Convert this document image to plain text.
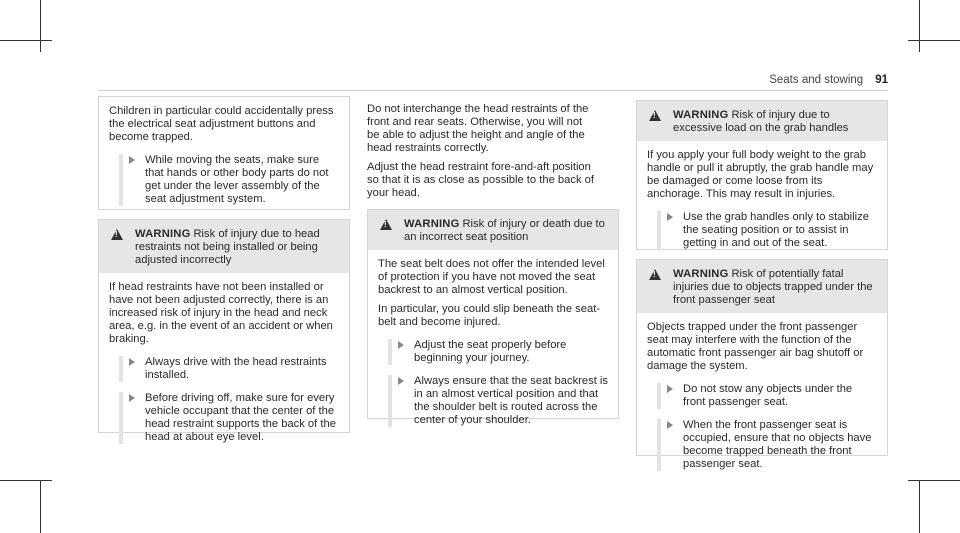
Seats and stowing 91

Children in particular could accidentally press the electrical seat adjustment buttons and become trapped.

While moving the seats, make sure that hands or other body parts do not get under the lever assembly of the seat adjustment system.
!
WARNING Risk of injury due to head restraints not being installed or being adjusted incorrectly

If head restraints have not been installed or have not been adjusted correctly, there is an increased risk of injury in the head and neck area, e.g. in the event of an accident or when braking.

Always drive with the head restraints installed.
Before driving off, make sure for every vehicle occupant that the center of the head restraint supports the back of the head at about eye level.

Do not interchange the head restraints of the front and rear seats. Otherwise, you will not be able to adjust the height and angle of the head restraints correctly.

Adjust the head restraint fore-and-aft position so that it is as close as possible to the back of your head.

!
WARNING Risk of injury or death due to an incorrect seat position

The seat belt does not offer the intended level of protection if you have not moved the seat backrest to an almost vertical position.

In particular, you could slip beneath the seat-belt and become injured.

Adjust the seat properly before beginning your journey.
Always ensure that the seat backrest is in an almost vertical position and that the shoulder belt is routed across the center of your shoulder.
!
WARNING Risk of injury due to excessive load on the grab handles

If you apply your full body weight to the grab handle or pull it abruptly, the grab handle may be damaged or come loose from its anchorage. This may result in injuries.

Use the grab handles only to stabilize the seating position or to assist in getting in and out of the seat.
!
WARNING Risk of potentially fatal injuries due to objects trapped under the front passenger seat

Objects trapped under the front passenger seat may interfere with the function of the automatic front passenger air bag shutoff or damage the system.

Do not stow any objects under the front passenger seat.
When the front passenger seat is occupied, ensure that no objects have become trapped beneath the front passenger seat.
